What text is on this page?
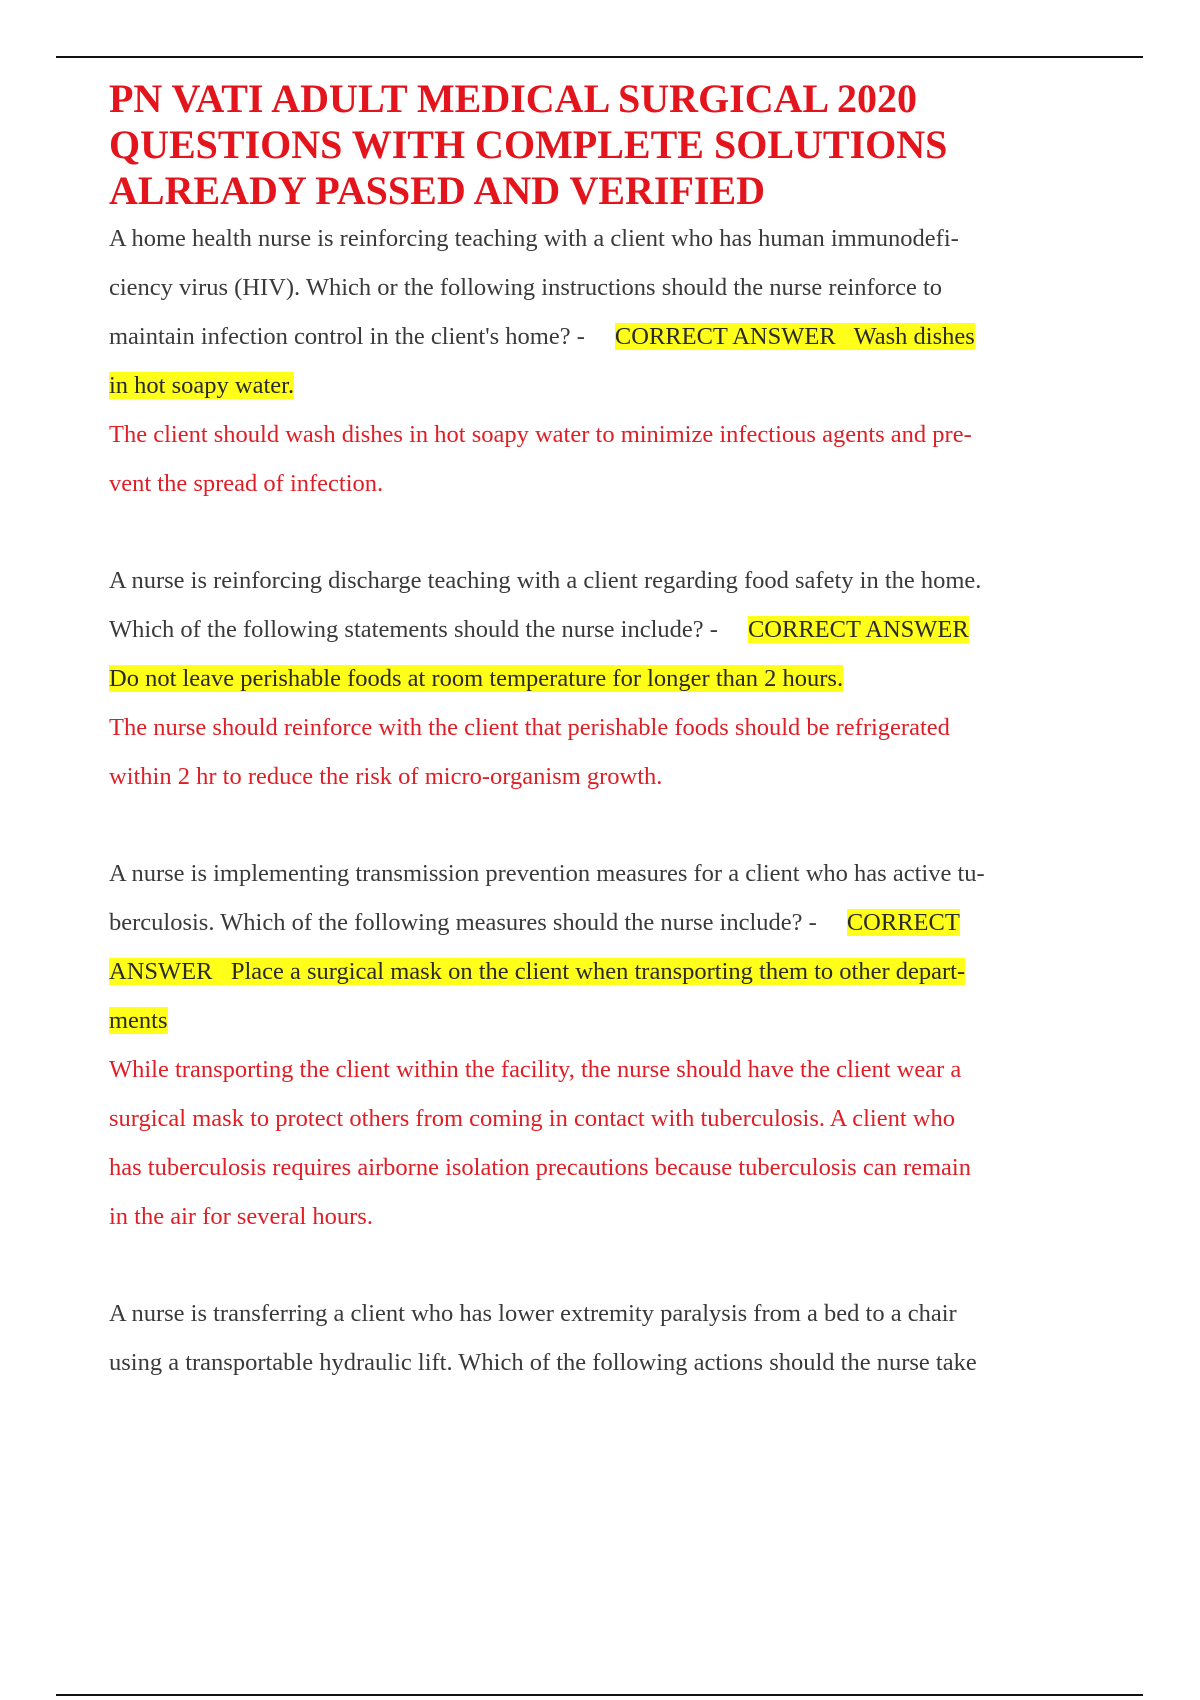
PN VATI ADULT MEDICAL SURGICAL 2020
QUESTIONS WITH COMPLETE SOLUTIONS
ALREADY PASSED AND VERIFIED
A home health nurse is reinforcing teaching with a client who has human immunodefi-
ciency virus (HIV). Which or the following instructions should the nurse reinforce to
maintain infection control in the client's home? - CORRECT ANSWER   Wash dishes
in hot soapy water.
The client should wash dishes in hot soapy water to minimize infectious agents and pre-
vent the spread of infection.
A nurse is reinforcing discharge teaching with a client regarding food safety in the home.
Which of the following statements should the nurse include? - CORRECT ANSWER
Do not leave perishable foods at room temperature for longer than 2 hours.
The nurse should reinforce with the client that perishable foods should be refrigerated
within 2 hr to reduce the risk of micro-organism growth.
A nurse is implementing transmission prevention measures for a client who has active tu-
berculosis. Which of the following measures should the nurse include? - CORRECT
ANSWER   Place a surgical mask on the client when transporting them to other depart-
ments
While transporting the client within the facility, the nurse should have the client wear a
surgical mask to protect others from coming in contact with tuberculosis. A client who
has tuberculosis requires airborne isolation precautions because tuberculosis can remain
in the air for several hours.
A nurse is transferring a client who has lower extremity paralysis from a bed to a chair
using a transportable hydraulic lift. Which of the following actions should the nurse take
